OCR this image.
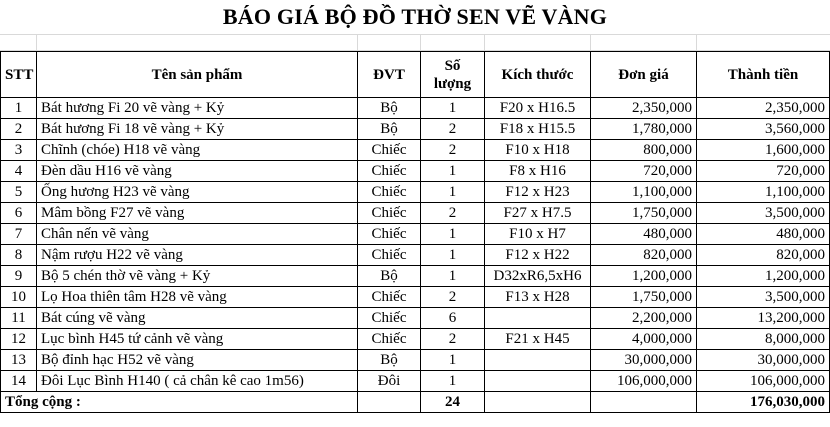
BÁO GIÁ BỘ ĐỒ THỜ SEN VẼ VÀNG
STT	Tên sản phẩm	ĐVT	Số
lượng	Kích thước	Đơn giá	Thành tiền
1	Bát hương Fi 20 vẽ vàng + Kỷ	Bộ	1	F20 x H16.5	2,350,000	2,350,000
2	Bát hương Fi 18 vẽ vàng + Kỷ	Bộ	2	F18 x H15.5	1,780,000	3,560,000
3	Chĩnh (chóe) H18 vẽ vàng	Chiếc	2	F10 x H18	800,000	1,600,000
4	Đèn dầu H16 vẽ vàng	Chiếc	1	F8 x H16	720,000	720,000
5	Ống hương H23 vẽ vàng	Chiếc	1	F12 x H23	1,100,000	1,100,000
6	Mâm bồng F27 vẽ vàng	Chiếc	2	F27 x H7.5	1,750,000	3,500,000
7	Chân nến vẽ vàng	Chiếc	1	F10 x H7	480,000	480,000
8	Nậm rượu H22 vẽ vàng	Chiếc	1	F12 x H22	820,000	820,000
9	Bộ 5 chén thờ vẽ vàng + Kỷ	Bộ	1	D32xR6,5xH6	1,200,000	1,200,000
10	Lọ Hoa thiên tâm H28 vẽ vàng	Chiếc	2	F13 x H28	1,750,000	3,500,000
11	Bát cúng vẽ vàng	Chiếc	6		2,200,000	13,200,000
12	Lục bình H45 tứ cảnh vẽ vàng	Chiếc	2	F21 x H45	4,000,000	8,000,000
13	Bộ đỉnh hạc H52 vẽ vàng	Bộ	1		30,000,000	30,000,000
14	Đôi Lục Bình H140 ( cả chân kê cao 1m56)	Đôi	1		106,000,000	106,000,000
Tổng cộng :			24			176,030,000
